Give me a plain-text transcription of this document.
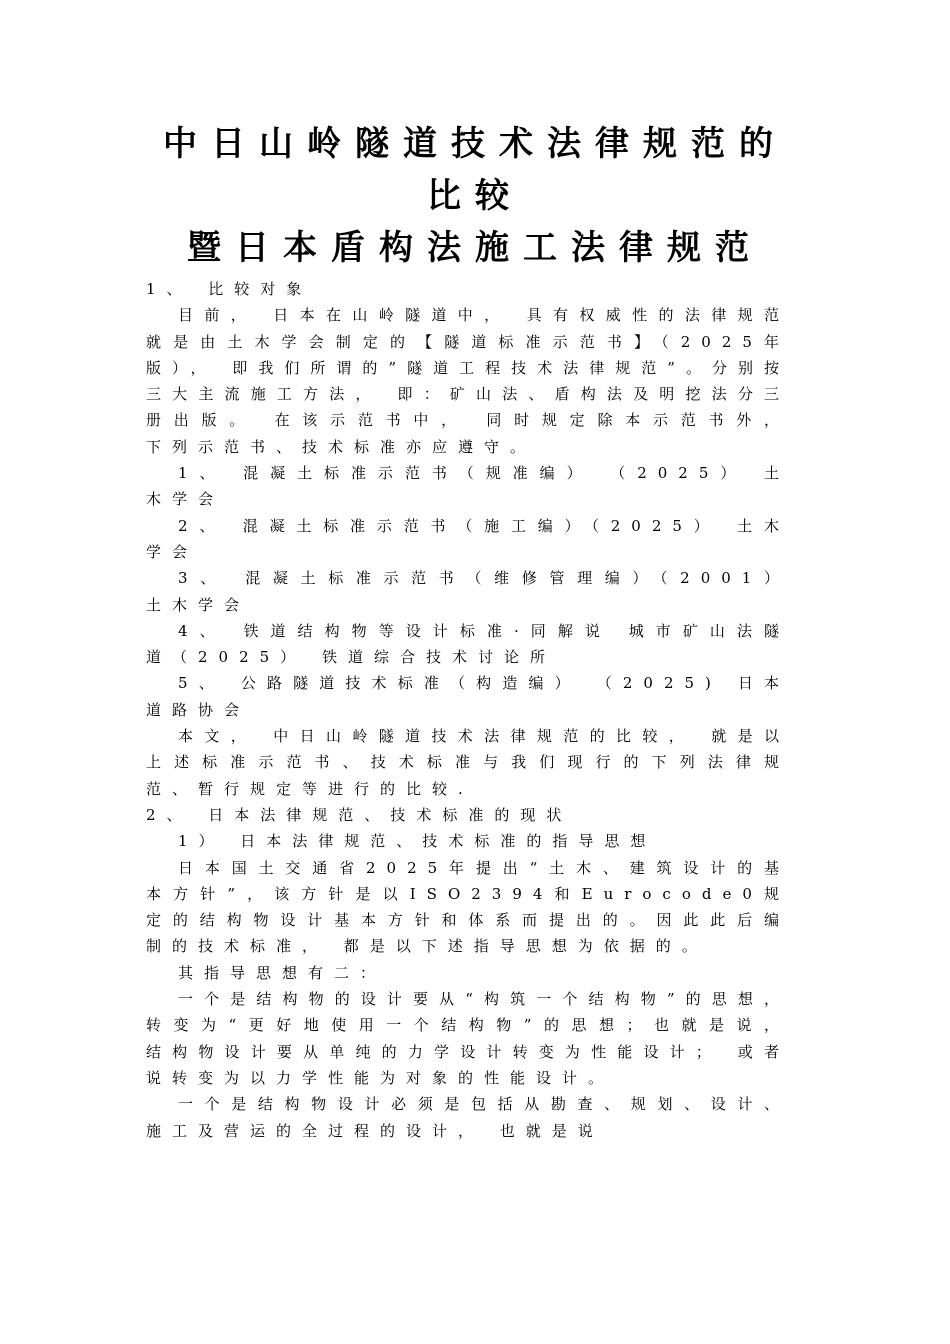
中日山岭隧道技术法律规范的
比较
暨日本盾构法施工法律规范

1、 比较对象

目前， 日本在山岭隧道中， 具有权威性的法律规范就是由土木学会制定的【隧道标准示范书】（2025年版）， 即我们所谓的”隧道工程技术法律规范”。分别按三大主流施工方法， 即：矿山法、盾构法及明挖法分三册出版。 在该示范书中， 同时规定除本示范书外， 下列示范书、技术标准亦应遵守。

1、 混凝土标准示范书（规准编） （2025） 土木学会

2、 混凝土标准示范书（施工编）（2025） 土木学会

3、 混凝土标准示范书（维修管理编）（2001） 土木学会

4、 铁道结构物等设计标准·同解说 城市矿山法隧道（2025） 铁道综合技术讨论所

5、 公路隧道技术标准（构造编） （2025) 日本道路协会

本文， 中日山岭隧道技术法律规范的比较， 就是以上述标准示范书、技术标准与我们现行的下列法律规范、暂行规定等进行的比较.

2、 日本法律规范、技术标准的现状

1） 日本法律规范、技术标准的指导思想

日本国土交通省2025年提出“土木、建筑设计的基本方针”，该方针是以ISO2394和Eurocode0规定的结构物设计基本方针和体系而提出的。因此此后编制的技术标准， 都是以下述指导思想为依据的。

其指导思想有二：

一个是结构物的设计要从“构筑一个结构物”的思想， 转变为“更好地使用一个结构物”的思想；也就是说， 结构物设计要从单纯的力学设计转变为性能设计； 或者说转变为以力学性能为对象的性能设计。

一个是结构物设计必须是包括从勘查、规划、设计、施工及营运的全过程的设计， 也就是说
